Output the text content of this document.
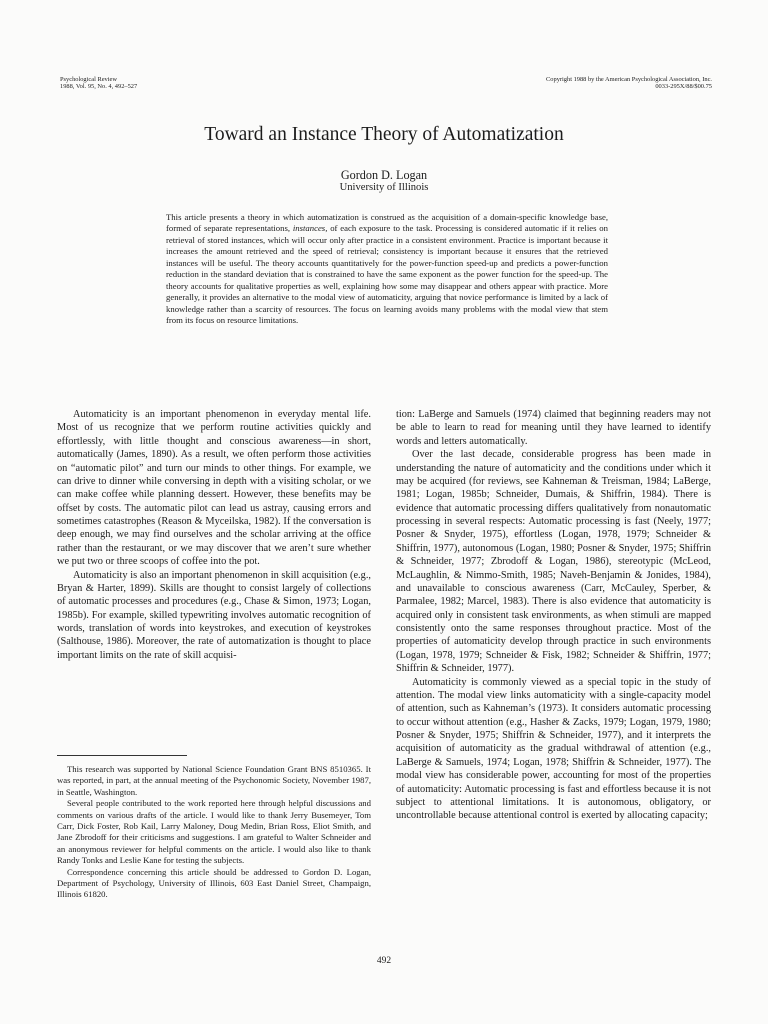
Psychological Review
1988, Vol. 95, No. 4, 492–527
Copyright 1988 by the American Psychological Association, Inc.
0033-295X/88/$00.75
Toward an Instance Theory of Automatization
Gordon D. Logan
University of Illinois

This article presents a theory in which automatization is construed as the acquisition of a domain-specific knowledge base, formed of separate representations, instances, of each exposure to the task. Processing is considered automatic if it relies on retrieval of stored instances, which will occur only after practice in a consistent environment. Practice is important because it increases the amount retrieved and the speed of retrieval; consistency is important because it ensures that the retrieved instances will be useful. The theory accounts quantitatively for the power-function speed-up and predicts a power-function reduction in the standard deviation that is constrained to have the same exponent as the power function for the speed-up. The theory accounts for qualitative properties as well, explaining how some may disappear and others appear with practice. More generally, it provides an alternative to the modal view of automaticity, arguing that novice performance is limited by a lack of knowledge rather than a scarcity of resources. The focus on learning avoids many problems with the modal view that stem from its focus on resource limitations.

Automaticity is an important phenomenon in everyday mental life. Most of us recognize that we perform routine activities quickly and effortlessly, with little thought and conscious awareness—in short, automatically (James, 1890). As a result, we often perform those activities on “automatic pilot” and turn our minds to other things. For example, we can drive to dinner while conversing in depth with a visiting scholar, or we can make coffee while planning dessert. However, these benefits may be offset by costs. The automatic pilot can lead us astray, causing errors and sometimes catastrophes (Reason & Myceilska, 1982). If the conversation is deep enough, we may find ourselves and the scholar arriving at the office rather than the restaurant, or we may discover that we aren’t sure whether we put two or three scoops of coffee into the pot.

Automaticity is also an important phenomenon in skill acquisition (e.g., Bryan & Harter, 1899). Skills are thought to consist largely of collections of automatic processes and procedures (e.g., Chase & Simon, 1973; Logan, 1985b). For example, skilled typewriting involves automatic recognition of words, translation of words into keystrokes, and execution of keystrokes (Salthouse, 1986). Moreover, the rate of automatization is thought to place important limits on the rate of skill acquisi-

tion: LaBerge and Samuels (1974) claimed that beginning readers may not be able to learn to read for meaning until they have learned to identify words and letters automatically.

Over the last decade, considerable progress has been made in understanding the nature of automaticity and the conditions under which it may be acquired (for reviews, see Kahneman & Treisman, 1984; LaBerge, 1981; Logan, 1985b; Schneider, Dumais, & Shiffrin, 1984). There is evidence that automatic processing differs qualitatively from nonautomatic processing in several respects: Automatic processing is fast (Neely, 1977; Posner & Snyder, 1975), effortless (Logan, 1978, 1979; Schneider & Shiffrin, 1977), autonomous (Logan, 1980; Posner & Snyder, 1975; Shiffrin & Schneider, 1977; Zbrodoff & Logan, 1986), stereotypic (McLeod, McLaughlin, & Nimmo-Smith, 1985; Naveh-Benjamin & Jonides, 1984), and unavailable to conscious awareness (Carr, McCauley, Sperber, & Parmalee, 1982; Marcel, 1983). There is also evidence that automaticity is acquired only in consistent task environments, as when stimuli are mapped consistently onto the same responses throughout practice. Most of the properties of automaticity develop through practice in such environments (Logan, 1978, 1979; Schneider & Fisk, 1982; Schneider & Shiffrin, 1977; Shiffrin & Schneider, 1977).

Automaticity is commonly viewed as a special topic in the study of attention. The modal view links automaticity with a single-capacity model of attention, such as Kahneman’s (1973). It considers automatic processing to occur without attention (e.g., Hasher & Zacks, 1979; Logan, 1979, 1980; Posner & Snyder, 1975; Shiffrin & Schneider, 1977), and it interprets the acquisition of automaticity as the gradual withdrawal of attention (e.g., LaBerge & Samuels, 1974; Logan, 1978; Shiffrin & Schneider, 1977). The modal view has considerable power, accounting for most of the properties of automaticity: Automatic processing is fast and effortless because it is not subject to attentional limitations. It is autonomous, obligatory, or uncontrollable because attentional control is exerted by allocating capacity;

This research was supported by National Science Foundation Grant BNS 8510365. It was reported, in part, at the annual meeting of the Psychonomic Society, November 1987, in Seattle, Washington.

Several people contributed to the work reported here through helpful discussions and comments on various drafts of the article. I would like to thank Jerry Busemeyer, Tom Carr, Dick Foster, Rob Kail, Larry Maloney, Doug Medin, Brian Ross, Eliot Smith, and Jane Zbrodoff for their criticisms and suggestions. I am grateful to Walter Schneider and an anonymous reviewer for helpful comments on the article. I would also like to thank Randy Tonks and Leslie Kane for testing the subjects.

Correspondence concerning this article should be addressed to Gordon D. Logan, Department of Psychology, University of Illinois, 603 East Daniel Street, Champaign, Illinois 61820.

492
